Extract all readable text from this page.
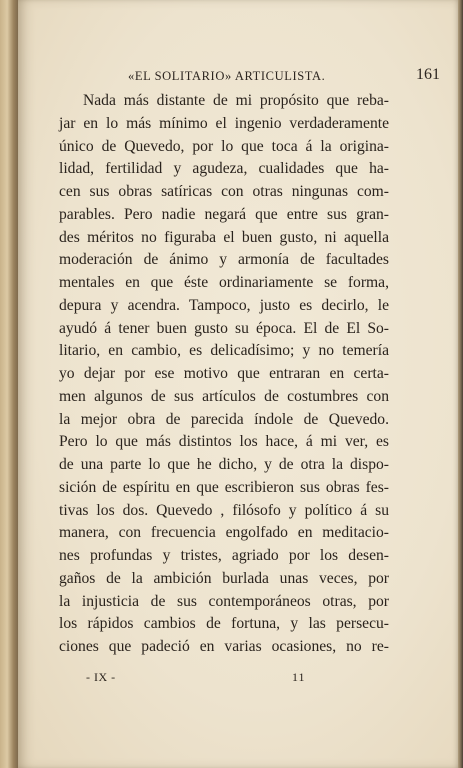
«EL SOLITARIO» ARTICULISTA.	161
Nada más distante de mi propósito que reba-
jar en lo más mínimo el ingenio verdaderamente
único de Quevedo, por lo que toca á la origina-
lidad, fertilidad y agudeza, cualidades que ha-
cen sus obras satíricas con otras ningunas com-
parables. Pero nadie negará que entre sus gran-
des méritos no figuraba el buen gusto, ni aquella
moderación de ánimo y armonía de facultades
mentales en que éste ordinariamente se forma,
depura y acendra. Tampoco, justo es decirlo, le
ayudó á tener buen gusto su época. El de El So-
litario, en cambio, es delicadísimo; y no temería
yo dejar por ese motivo que entraran en certa-
men algunos de sus artículos de costumbres con
la mejor obra de parecida índole de Quevedo.
Pero lo que más distintos los hace, á mi ver, es
de una parte lo que he dicho, y de otra la dispo-
sición de espíritu en que escribieron sus obras fes-
tivas los dos. Quevedo , filósofo y político á su
manera, con frecuencia engolfado en meditacio-
nes profundas y tristes, agriado por los desen-
gaños de la ambición burlada unas veces, por
la injusticia de sus contemporáneos otras, por
los rápidos cambios de fortuna, y las persecu-
ciones que padeció en varias ocasiones, no re-
- IX -	11
